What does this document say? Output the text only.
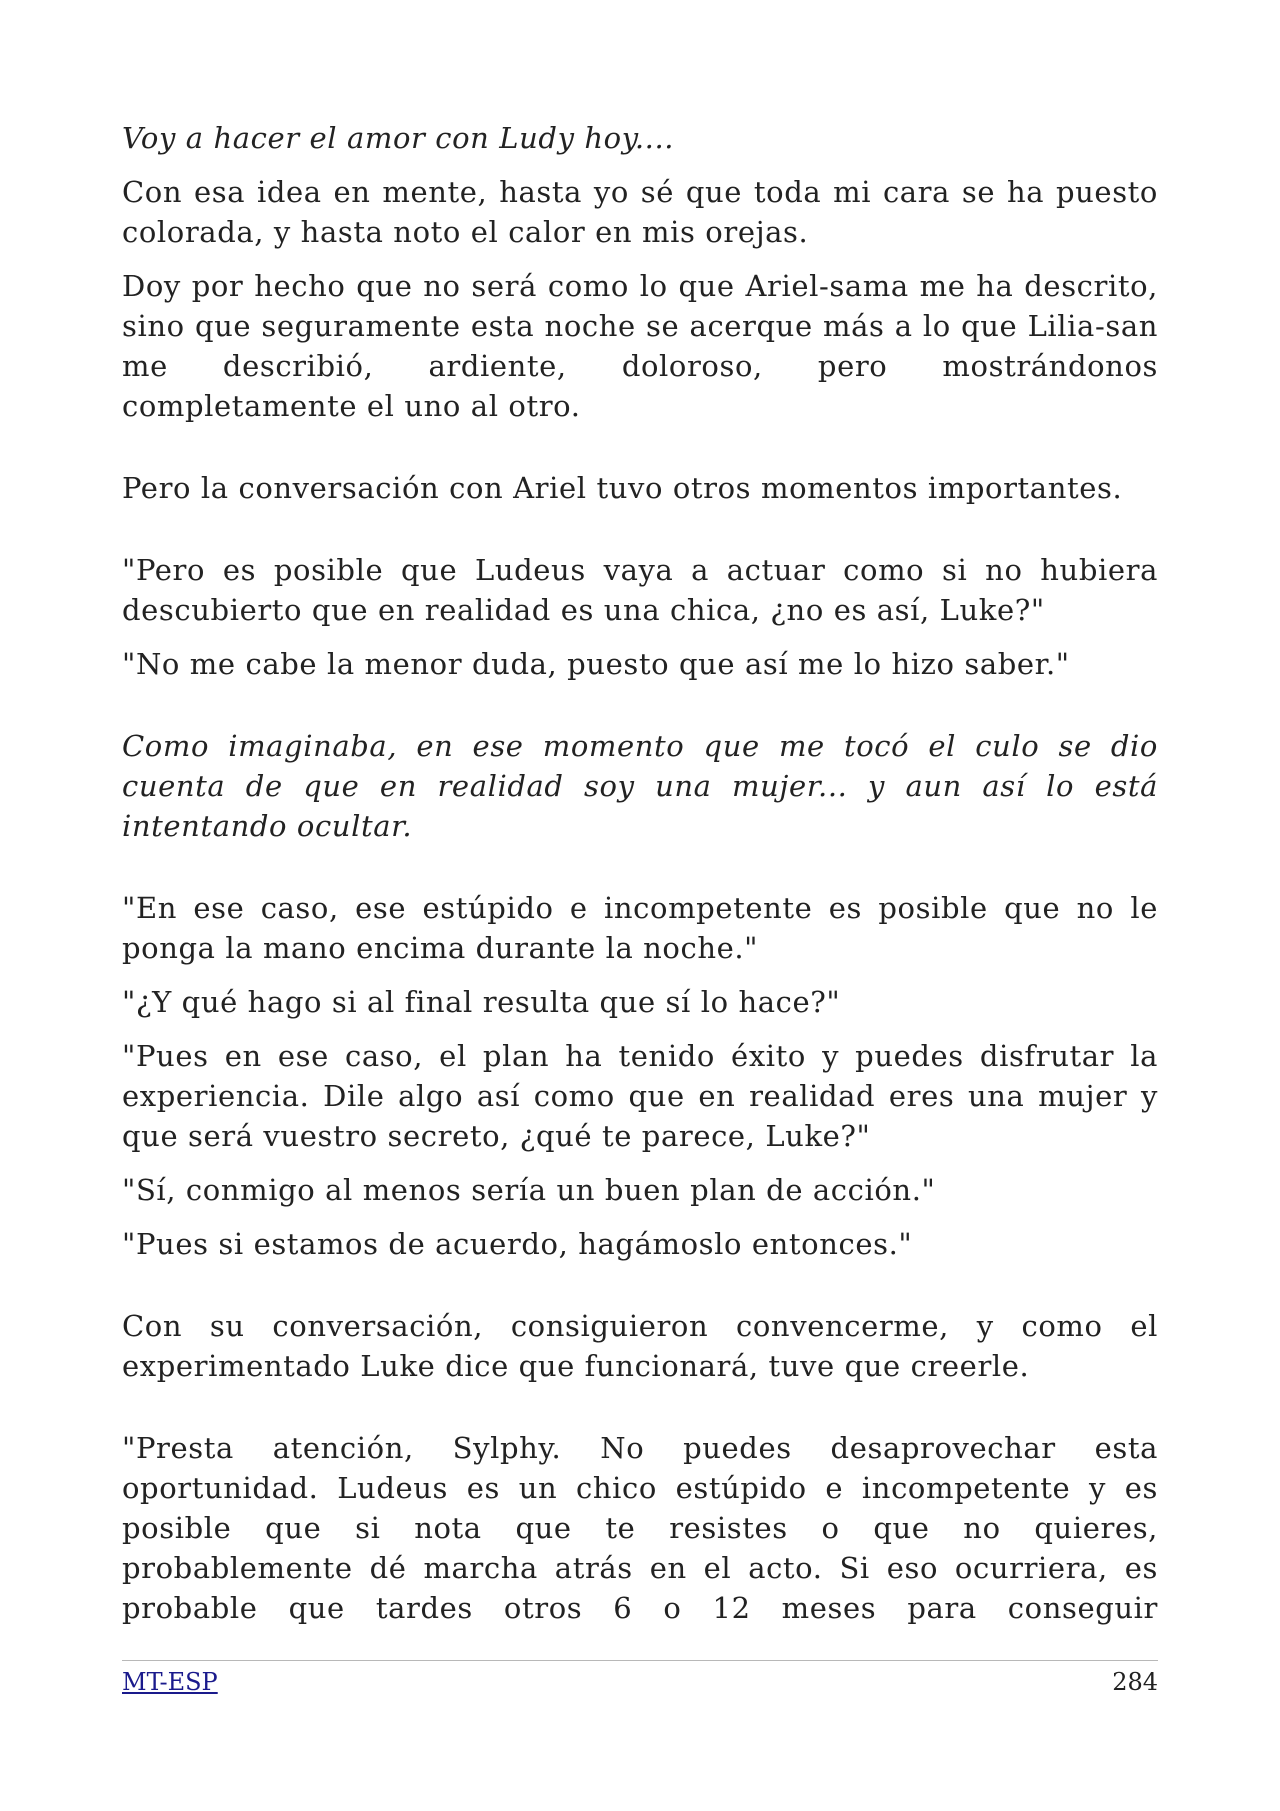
Voy a hacer el amor con Ludy hoy....

Con esa idea en mente, hasta yo sé que toda mi cara se ha puesto colorada, y hasta noto el calor en mis orejas.

Doy por hecho que no será como lo que Ariel-sama me ha descrito, sino que seguramente esta noche se acerque más a lo que Lilia-san me describió, ardiente, doloroso, pero mostrándonos completamente el uno al otro.

Pero la conversación con Ariel tuvo otros momentos importantes.

"Pero es posible que Ludeus vaya a actuar como si no hubiera descubierto que en realidad es una chica, ¿no es así, Luke?"

"No me cabe la menor duda, puesto que así me lo hizo saber."

Como imaginaba, en ese momento que me tocó el culo se dio cuenta de que en realidad soy una mujer... y aun así lo está intentando ocultar.

"En ese caso, ese estúpido e incompetente es posible que no le ponga la mano encima durante la noche."

"¿Y qué hago si al final resulta que sí lo hace?"

"Pues en ese caso, el plan ha tenido éxito y puedes disfrutar la experiencia. Dile algo así como que en realidad eres una mujer y que será vuestro secreto, ¿qué te parece, Luke?"

"Sí, conmigo al menos sería un buen plan de acción."

"Pues si estamos de acuerdo, hagámoslo entonces."

Con su conversación, consiguieron convencerme, y como el experimentado Luke dice que funcionará, tuve que creerle.

"Presta atención, Sylphy. No puedes desaprovechar esta oportunidad. Ludeus es un chico estúpido e incompetente y es posible que si nota que te resistes o que no quieres, probablemente dé marcha atrás en el acto. Si eso ocurriera, es probable que tardes otros 6 o 12 meses para conseguir

MT-ESP	284
